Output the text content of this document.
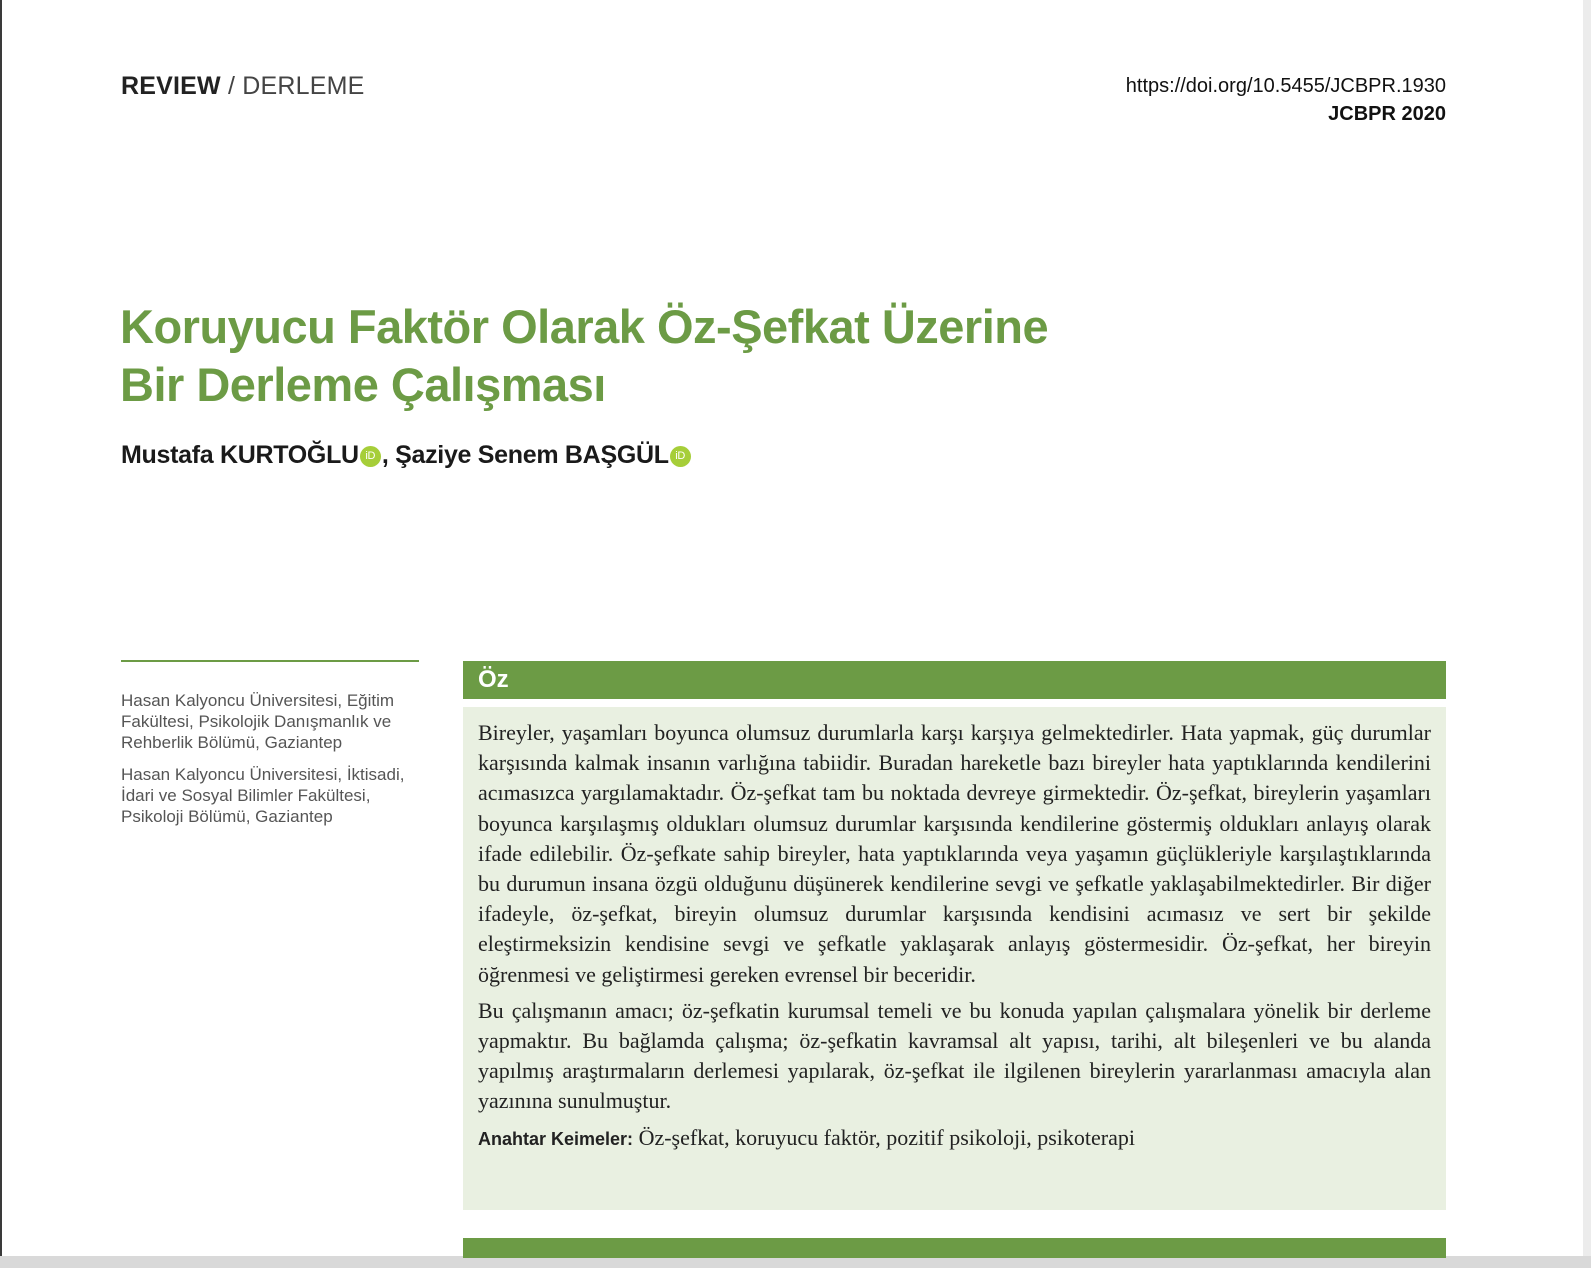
REVIEW / DERLEME	https://doi.org/10.5455/JCBPR.1930
JCBPR 2020
Koruyucu Faktör Olarak Öz-Şefkat Üzerine
Bir Derleme Çalışması
Mustafa KURTOĞLU iD , Şaziye Senem BAŞGÜL iD

Hasan Kalyoncu Üniversitesi, Eğitim Fakültesi, Psikolojik Danışmanlık ve Rehberlik Bölümü, Gaziantep

Hasan Kalyoncu Üniversitesi, İktisadi, İdari ve Sosyal Bilimler Fakültesi, Psikoloji Bölümü, Gaziantep

Öz

Bireyler, yaşamları boyunca olumsuz durumlarla karşı karşıya gelmektedirler. Hata yapmak, güç durumlar karşısında kalmak insanın varlığına tabiidir. Buradan hareketle bazı bireyler hata yaptıklarında kendilerini acımasızca yargılamaktadır. Öz-şefkat tam bu noktada devreye girmektedir. Öz-şefkat, bireylerin yaşamları boyunca karşılaşmış oldukları olumsuz durumlar karşısında kendilerine göstermiş oldukları anlayış olarak ifade edilebilir. Öz-şefkate sahip bireyler, hata yaptıklarında veya yaşamın güçlükleriyle karşılaştıklarında bu durumun insana özgü olduğunu düşünerek kendilerine sevgi ve şefkatle yaklaşabilmektedirler. Bir diğer ifadeyle, öz-şefkat, bireyin olumsuz durumlar karşısında kendisini acımasız ve sert bir şekilde eleştirmeksizin kendisine sevgi ve şefkatle yaklaşarak anlayış göstermesidir. Öz-şefkat, her bireyin öğrenmesi ve geliştirmesi gereken evrensel bir beceridir.

Bu çalışmanın amacı; öz-şefkatin kurumsal temeli ve bu konuda yapılan çalışmalara yönelik bir derleme yapmaktır. Bu bağlamda çalışma; öz-şefkatin kavramsal alt yapısı, tarihi, alt bileşenleri ve bu alanda yapılmış araştırmaların derlemesi yapılarak, öz-şefkat ile ilgilenen bireylerin yararlanması amacıyla alan yazınına sunulmuştur.

Anahtar Keimeler: Öz-şefkat, koruyucu faktör, pozitif psikoloji, psikoterapi
